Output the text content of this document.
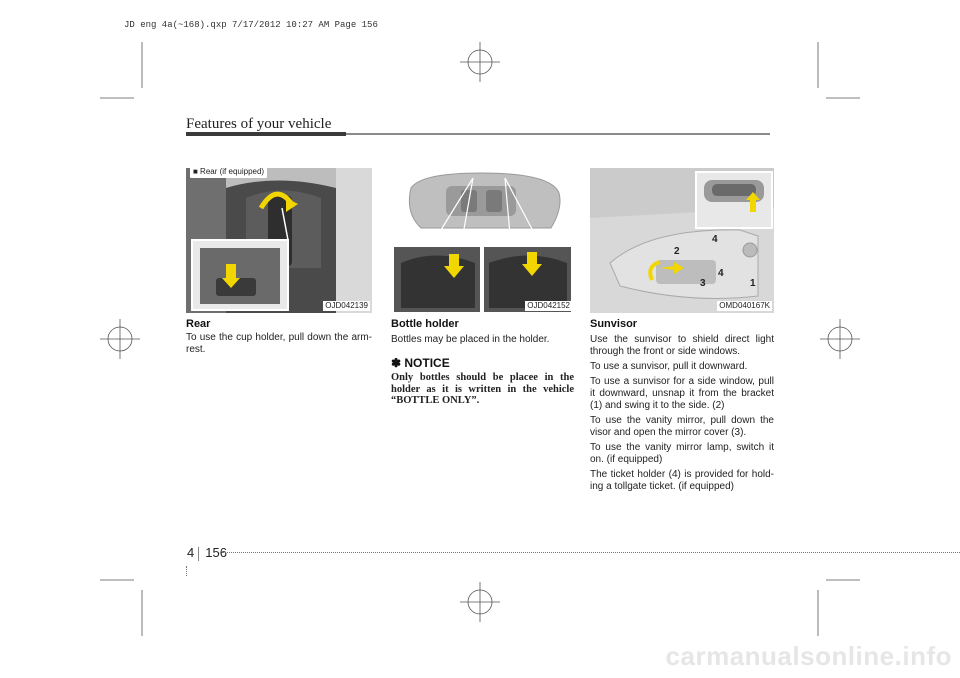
JD eng 4a(~168).qxp 7/17/2012 10:27 AM Page 156
Features of your vehicle
■ Rear (if equipped)
OJD042139	OJD042152
4
2
4
3	1
OMD040167K
Rear

To use the cup holder, pull down the arm-rest.

Bottle holder

Bottles may be placed in the holder.

✽ NOTICE
Only bottles should be placee in the holder as it is written in the vehicle “BOTTLE ONLY”.
Sunvisor

Use the sunvisor to shield direct light through the front or side windows.

To use a sunvisor, pull it downward.

To use a sunvisor for a side window, pull it downward, unsnap it from the bracket (1) and swing it to the side. (2)

To use the vanity mirror, pull down the visor and open the mirror cover (3).

To use the vanity mirror lamp, switch it on. (if equipped)

The ticket holder (4) is provided for hold-ing a tollgate ticket. (if equipped)

4 156
carmanualsonline.info
